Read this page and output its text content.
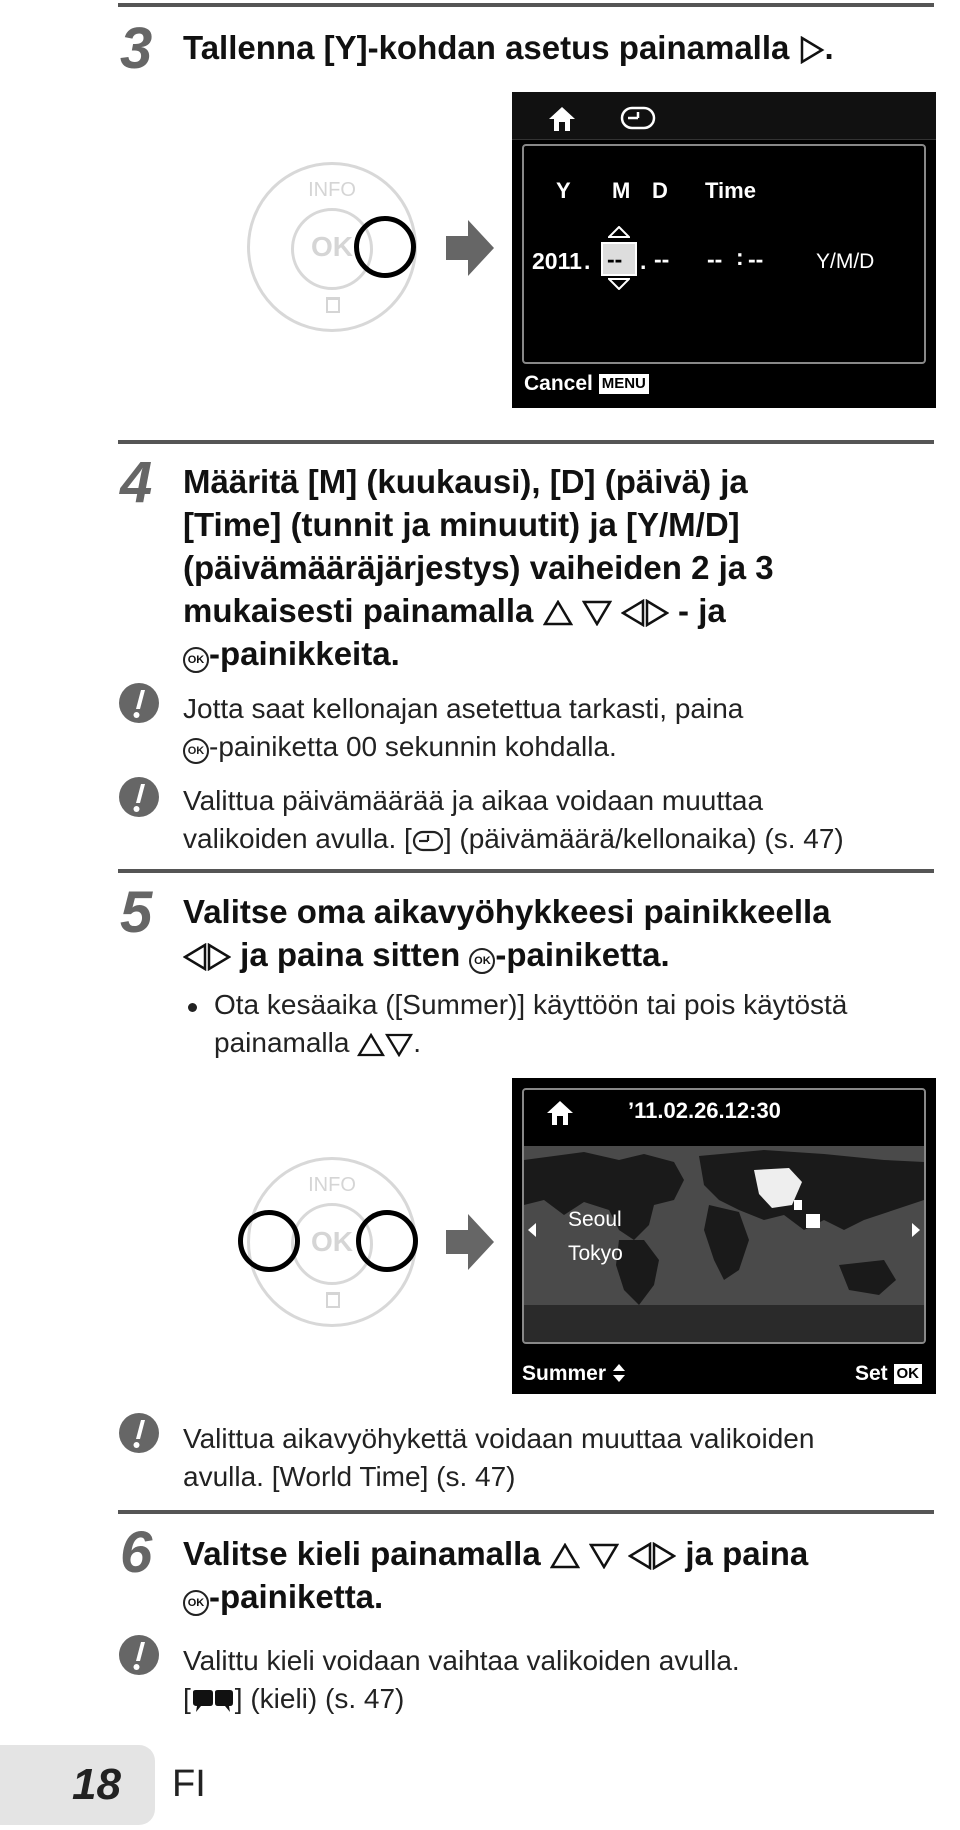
3 Tallenna [Y]-kohdan asetus painamalla .
INFO
OK
Y M D Time
2011 . -- . -- -- : --	Y/M/D
Cancel MENU
4 Määritä [M] (kuukausi), [D] (päivä) ja
[Time] (tunnit ja minuutit) ja [Y/M/D]
(päivämääräjärjestys) vaiheiden 2 ja 3
mukaisesti painamalla	- ja
OK -painikkeita.
Jotta saat kellonajan asetettua tarkasti, paina
OK -painiketta 00 sekunnin kohdalla.
Valittua päivämäärää ja aikaa voidaan muuttaa
valikoiden avulla. [ ] (päivämäärä/kellonaika) (s. 47)
5 Valitse oma aikavyöhykkeesi painikkeella
ja paina sitten OK -painiketta.
Ota kesäaika ([Summer)] käyttöön tai pois käytöstä
painamalla .
INFO
OK
’11.02.26.12:30
Seoul
Tokyo
Summer	Set OK
Valittua aikavyöhykettä voidaan muuttaa valikoiden
avulla. [World Time] (s. 47)
6 Valitse kieli painamalla	ja paina
OK -painiketta.
Valittu kieli voidaan vaihtaa valikoiden avulla.
[ ] (kieli) (s. 47)
18 FI
